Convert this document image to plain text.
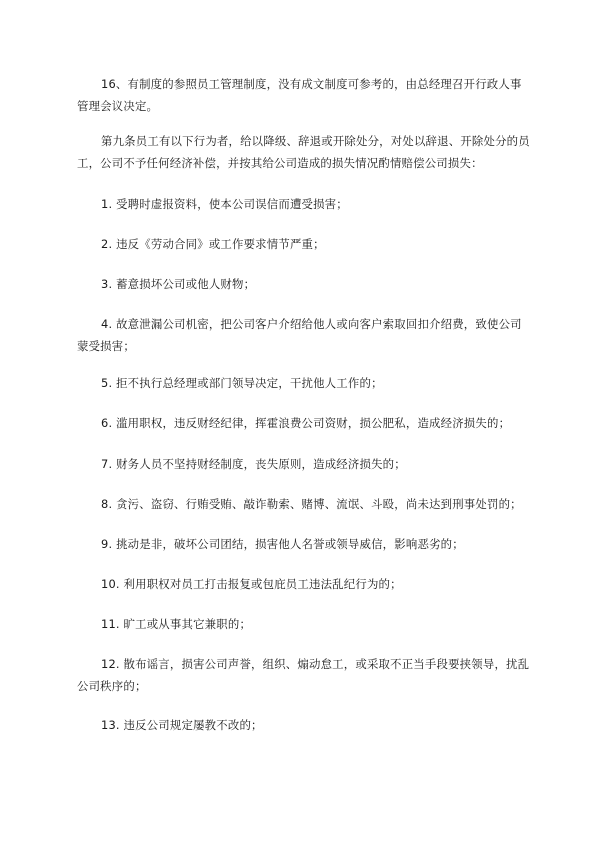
16、有制度的参照员工管理制度，没有成文制度可参考的，由总经理召开行政人事管理会议决定。

第九条员工有以下行为者，给以降级、辞退或开除处分，对处以辞退、开除处分的员工，公司不予任何经济补偿，并按其给公司造成的损失情况酌情赔偿公司损失：

1. 受聘时虚报资料，使本公司误信而遭受损害；

2. 违反《劳动合同》或工作要求情节严重；

3. 蓄意损坏公司或他人财物；

4. 故意泄漏公司机密，把公司客户介绍给他人或向客户索取回扣介绍费，致使公司蒙受损害；

5. 拒不执行总经理或部门领导决定，干扰他人工作的；

6. 滥用职权，违反财经纪律，挥霍浪费公司资财，损公肥私，造成经济损失的；

7. 财务人员不坚持财经制度，丧失原则，造成经济损失的；

8. 贪污、盗窃、行贿受贿、敲诈勒索、赌博、流氓、斗殴，尚未达到刑事处罚的；

9. 挑动是非，破坏公司团结，损害他人名誉或领导威信，影响恶劣的；

10. 利用职权对员工打击报复或包庇员工违法乱纪行为的；

11. 旷工或从事其它兼职的；

12. 散布谣言，损害公司声誉，组织、煽动怠工，或采取不正当手段要挟领导，扰乱公司秩序的；

13. 违反公司规定屡教不改的；
